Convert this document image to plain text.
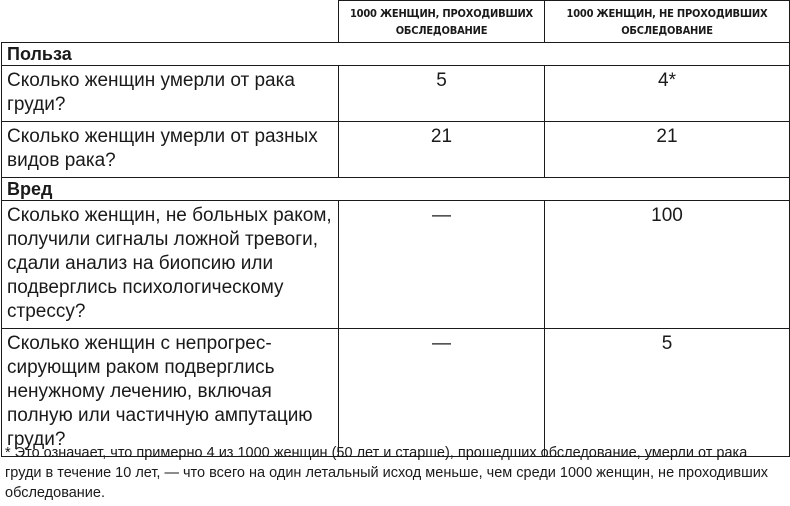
	1000 ЖЕНЩИН, ПРОХОДИВШИХ ОБСЛЕДОВАНИЕ	1000 ЖЕНЩИН, НЕ ПРОХОДИВШИХ ОБСЛЕДОВАНИЕ
Польза		
Сколько женщин умерли от рака груди?	5	4*
Сколько женщин умерли от разных видов рака?	21	21
Вред		
Сколько женщин, не больных раком, получили сигналы ложной тревоги, сдали анализ на биопсию или подверглись психологическому стрессу?	—	100
Сколько женщин с непрогрессирующим раком подверглись ненужному лечению, включая полную или частичную ампутацию груди?	—	5
* Это означает, что примерно 4 из 1000 женщин (50 лет и старше), прошедших обследование, умерли от рака груди в течение 10 лет, — что всего на один летальный исход меньше, чем среди 1000 женщин, не проходивших обследование.
